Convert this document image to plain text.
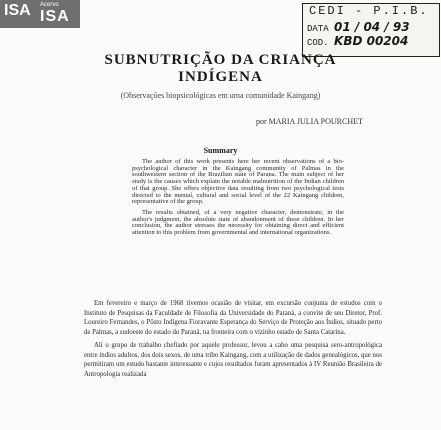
ISA Acervo
ISA	CEDI - P.I.B.
DATA 01 / 04 / 93
COD. KBD 00204
SUBNUTRIÇÃO DA CRIANÇA
INDÍGENA
(Observações biopsicológicas em uma comunidade Kaingang)
por MARIA JULIA POURCHET
Summary

The author of this work presents here her recent observations of a bio-psychological character in the Kaingang community of Palmas in the southwestern section of the Brazilian state of Parana. The main subject of her study is the causes which explain the notable malnutrition of the Indian children of that group. She offers objective data resulting from two psychological tests directed to the mental, cultural and social level of the 22 Kaingang children, representative of the group.

The results obtained, of a very negative character, demonstrate, in the author's judgment, the absolute state of abandonment of these children. In her conclusion, the author stresses the necessity for obtaining direct and efficient attention to this problem from governmental and international organizations.

Em fevereiro e março de 1968 tivemos ocasião de visitar, em excursão conjunta de estudos com o Instituto de Pesquisas da Faculdade de Filosofia da Universidade do Paraná, a convite de seu Diretor, Prof. Loureiro Fernandes, o Pôsto Indígena Fioravante Esperança do Serviço de Proteção aos Índios, situado perto de Palmas, a sudoeste do estado do Paraná, na fronteira com o vizinho estado de Santa Catarina.

Ali o grupo de trabalho chefiado por aquele professor, levou a cabo uma pesquisa sero-antropológica entre índios adultos, dos dois sexos, de uma tribo Kaingang, com a utilização de dados genealógicos, que nos permitiram um estudo bastante interessante e cujos resultados foram apresentados à IV Reunião Brasileira de Antropologia realizada
